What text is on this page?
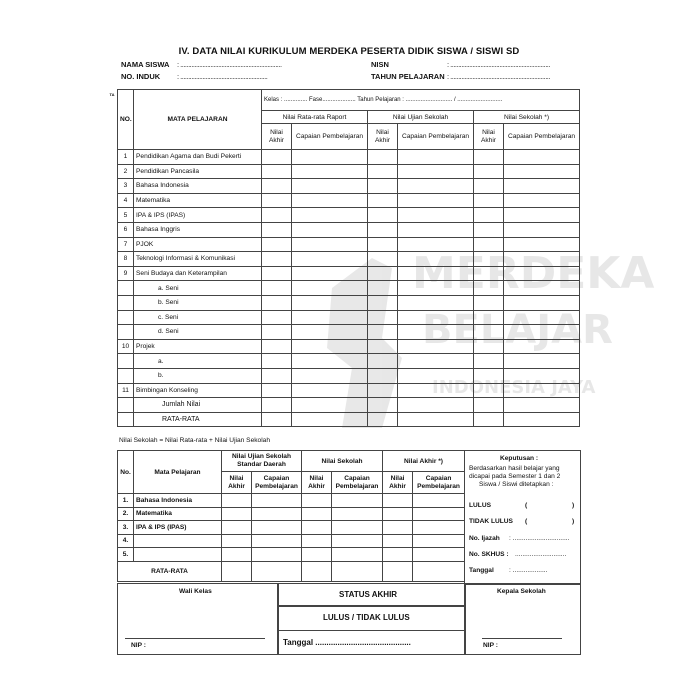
IV. DATA NILAI KURIKULUM MERDEKA PESERTA DIDIK SISWA / SISWI SD
NAMA SISWA : ................................................................
NO. INDUK : .......................................................
NISN	: ...............................................................
TAHUN PELAJARAN : ...............................................................
MERDEKA
BELAJAR
INDONESIA JAYA
NO.	TA
MATA PELAJARAN	Kelas : .............. Fase.................... Tahun Pelajaran : ............................ / ...........................					
		Nilai Rata-rata Raport		Nilai Ujian Sekolah		Nilai Sekolah *)	
		Nilai Akhir	Capaian Pembelajaran	Nilai Akhir	Capaian Pembelajaran	Nilai Akhir	Capaian Pembelajaran
1	Pendidikan Agama dan Budi Pekerti						
2	Pendidikan Pancasila						
3	Bahasa Indonesia						
4	Matematika						
5	IPA & IPS (IPAS)						
6	Bahasa Inggris						
7	PJOK						
8	Teknologi Informasi & Komunikasi						
9	Seni Budaya dan Keterampilan						
	a. Seni						
	b. Seni						
	c. Seni						
	d. Seni						
10	Projek						
	a.						
	b.						
11	Bimbingan Konseling						
	Jumlah Nilai						
	RATA-RATA						
Nilai Sekolah = Nilai Rata-rata + Nilai Ujian Sekolah
No.	Mata Pelajaran	Nilai Ujian Sekolah Standar Daerah		Nilai Sekolah		Nilai Akhir *)	
		Nilai Akhir	Capaian Pembelajaran	Nilai Akhir	Capaian Pembelajaran	Nilai Akhir	Capaian Pembelajaran
1.	Bahasa Indonesia						
2.	Matematika						
3.	IPA & IPS (IPAS)						
4.							
5.							
RATA-RATA							
Keputusan :
Berdasarkan hasil belajar yang
dicapai pada Semester 1 dan 2
Siswa / Siswi ditetapkan :
LULUS	(	)
TIDAK LULUS (	)
No. Ijazah : ...............................
No. SKHUS : ............................
Tanggal : ...................
Wali Kelas
NIP :
STATUS AKHIR
LULUS / TIDAK LULUS
Tanggal ...........................................
Kepala Sekolah
NIP :
